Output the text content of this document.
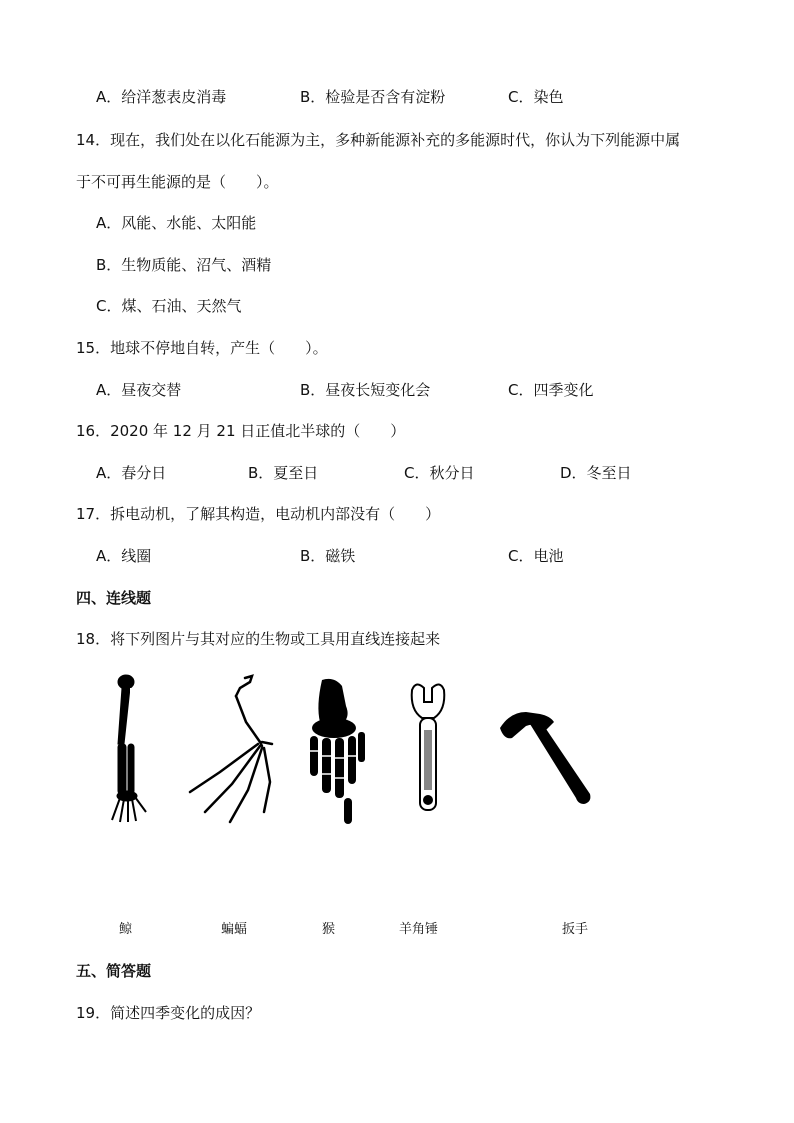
A．给洋葱表皮消毒	B．检验是否含有淀粉	C．染色
14．现在，我们处在以化石能源为主，多种新能源补充的多能源时代，你认为下列能源中属
于不可再生能源的是（　　）。
A．风能、水能、太阳能
B．生物质能、沼气、酒精
C．煤、石油、天然气
15．地球不停地自转，产生（　　）。
A．昼夜交替	B．昼夜长短变化会	C．四季变化
16．2020 年 12 月 21 日正值北半球的（　　）
A．春分日	B．夏至日	C．秋分日	D．冬至日
17．拆电动机，了解其构造，电动机内部没有（　　）
A．线圈	B．磁铁	C．电池
四、连线题
18．将下列图片与其对应的生物或工具用直线连接起来
鲸	蝙蝠	猴	羊角锤	扳手
五、简答题
19．简述四季变化的成因？
